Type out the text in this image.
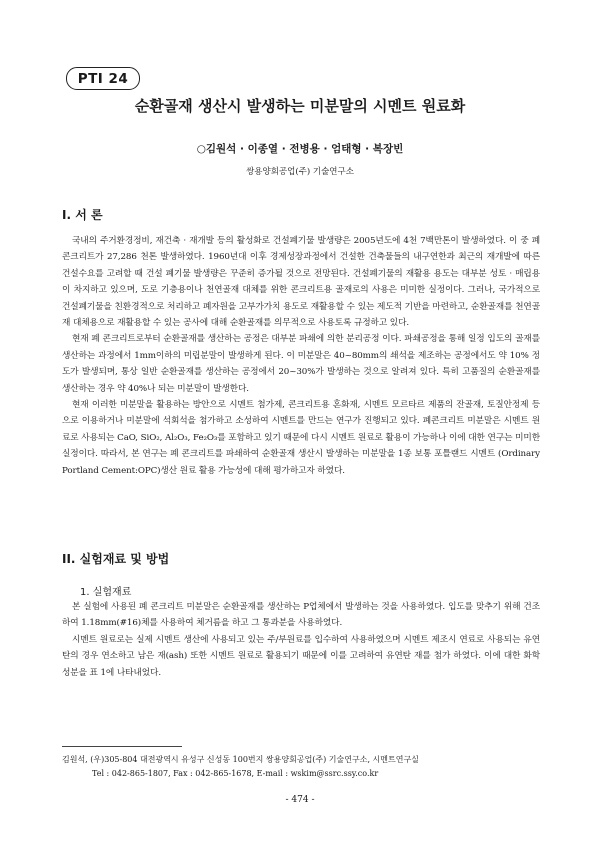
PTI 24
순환골재 생산시 발생하는 미분말의 시멘트 원료화
○김원석 · 이종열 · 전병용 · 엄태형 · 복장빈
쌍용양회공업(주) 기술연구소
I. 서 론

국내의 주거환경정비, 재건축 · 재개발 등의 활성화로 건설폐기물 발생량은 2005년도에 4천 7백만톤이 발생하였다. 이 중 폐 콘크리트가 27,286 천톤 발생하였다. 1960년대 이후 경제성장과정에서 건설한 건축물들의 내구연한과 최근의 재개발에 따른 건설수요를 고려할 때 건설 폐기물 발생량은 꾸준히 증가될 것으로 전망된다. 건설폐기물의 재활용 용도는 대부분 성토 · 매립용이 차지하고 있으며, 도로 기층용이나 천연골재 대체를 위한 콘크리트용 골재로의 사용은 미미한 실정이다. 그러나, 국가적으로 건설폐기물을 친환경적으로 처리하고 폐자원을 고부가가치 용도로 재활용할 수 있는 제도적 기반을 마련하고, 순환골재를 천연골재 대체용으로 재활용할 수 있는 공사에 대해 순환골재를 의무적으로 사용토록 규정하고 있다.

현재 폐 콘크리트로부터 순환골재를 생산하는 공정은 대부분 파쇄에 의한 분리공정 이다. 파쇄공정을 통해 일정 입도의 골재를 생산하는 과정에서 1mm이하의 미립분말이 발생하게 된다. 이 미분말은 40~80mm의 쇄석을 제조하는 공정에서도 약 10% 정도가 발생되며, 통상 일반 순환골재를 생산하는 공정에서 20~30%가 발생하는 것으로 알려져 있다. 특히 고품질의 순환골재를 생산하는 경우 약 40%나 되는 미분말이 발생한다.

현재 이러한 미분말을 활용하는 방안으로 시멘트 첨가제, 콘크리트용 혼화재, 시멘트 모르타르 제품의 잔골재, 토질안정제 등으로 이용하거나 미분말에 석회석을 첨가하고 소성하여 시멘트를 만드는 연구가 진행되고 있다. 폐콘크리트 미분말은 시멘트 원료로 사용되는 CaO, SiO₂, Al₂O₃, Fe₂O₃를 포함하고 있기 때문에 다시 시멘트 원료로 활용이 가능하나 이에 대한 연구는 미미한 실정이다. 따라서, 본 연구는 폐 콘크리트를 파쇄하여 순환골재 생산시 발생하는 미분말을 1종 보통 포틀랜드 시멘트 (Ordinary Portland Cement:OPC)생산 원료 활용 가능성에 대해 평가하고자 하였다.

II. 실험재료 및 방법
1. 실험재료

본 실험에 사용된 폐 콘크리트 미분말은 순환골재를 생산하는 P업체에서 발생하는 것을 사용하였다. 입도를 맞추기 위해 건조하여 1.18mm(#16)체를 사용하여 체거름을 하고 그 통과분을 사용하였다.

시멘트 원료로는 실제 시멘트 생산에 사용되고 있는 주/부원료를 입수하여 사용하였으며 시멘트 제조시 연료로 사용되는 유연탄의 경우 연소하고 남은 재(ash) 또한 시멘트 원료로 활용되기 때문에 이를 고려하여 유연탄 재를 첨가 하였다. 이에 대한 화학성분을 표 1에 나타내었다.

김원석, (우)305-804 대전광역시 유성구 신성동 100번지 쌍용양회공업(주) 기술연구소, 시멘트연구실
Tel : 042-865-1807, Fax : 042-865-1678, E-mail : wskim@ssrc.ssy.co.kr
- 474 -
